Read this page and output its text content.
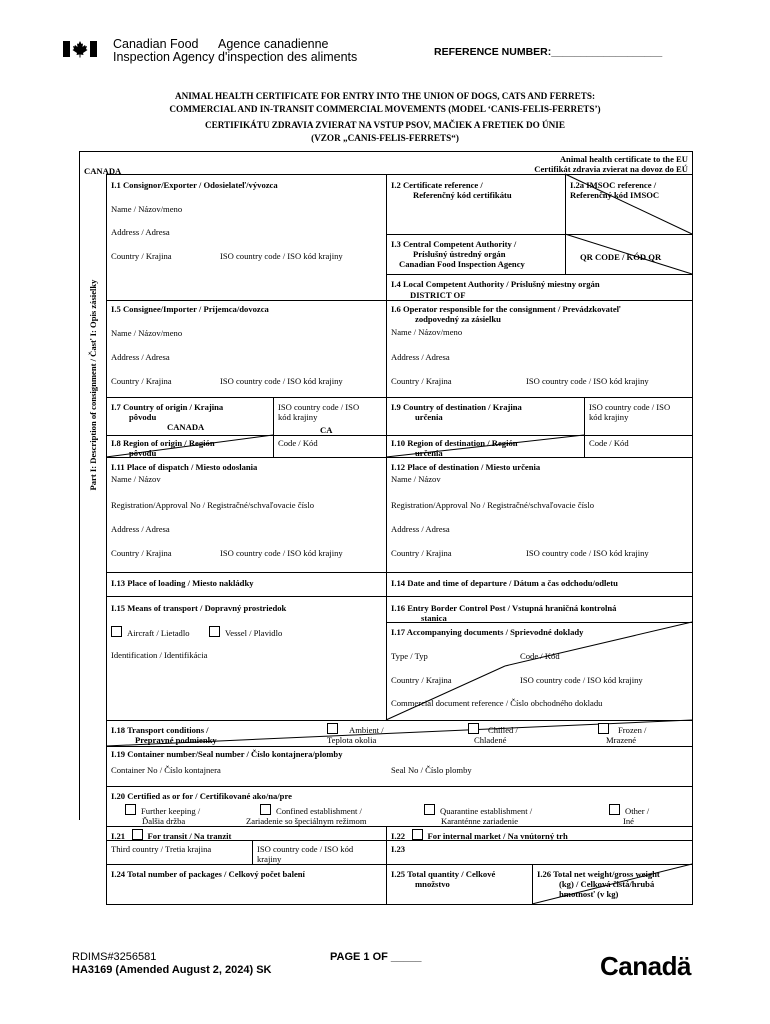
Canadian Food
Inspection Agency
Agence canadienne
d'inspection des aliments	REFERENCE NUMBER:___________________
ANIMAL HEALTH CERTIFICATE FOR ENTRY INTO THE UNION OF DOGS, CATS AND FERRETS:
COMMERCIAL AND IN-TRANSIT COMMERCIAL MOVEMENTS (MODEL ‘CANIS-FELIS-FERRETS’)
CERTIFIKÁTU ZDRAVIA ZVIERAT NA VSTUP PSOV, MAČIEK A FRETIEK DO ÚNIE
(VZOR „CANIS-FELIS-FERRETS“)
Part I: Description of consignment / Časť I: Opis zásielky
CANADA
Animal health certificate to the EU
Certifikát zdravia zvierat na dovoz do EÚ
I.1 Consignor/Exporter / Odosielateľ/vývozca
Name / Názov/meno
Address / Adresa
Country / Krajina	ISO country code / ISO kód krajiny
I.2 Certificate reference /
Referenčný kód certifikátu
I.2a IMSOC reference /
Referenčný kód IMSOC
I.3 Central Competent Authority /
Príslušný ústredný orgán
Canadian Food Inspection Agency
QR CODE / KÓD QR
I.4 Local Competent Authority / Príslušný miestny orgán
DISTRICT OF
I.5 Consignee/Importer / Príjemca/dovozca
Name / Názov/meno
Address / Adresa
Country / Krajina	ISO country code / ISO kód krajiny
I.6 Operator responsible for the consignment / Prevádzkovateľ
zodpovedný za zásielku
Name / Názov/meno
Address / Adresa
Country / Krajina	ISO country code / ISO kód krajiny
I.7 Country of origin / Krajina
pôvodu
CANADA
ISO country code / ISO
kód krajiny
CA
I.8 Region of origin / Región
pôvodu
Code / Kód
I.9 Country of destination / Krajina
určenia
ISO country code / ISO
kód krajiny
I.10 Region of destination / Región
určenia
Code / Kód
I.11 Place of dispatch / Miesto odoslania
Name / Názov
Registration/Approval No / Registračné/schvaľovacie číslo
Address / Adresa
Country / Krajina	ISO country code / ISO kód krajiny
I.12 Place of destination / Miesto určenia
Name / Názov
Registration/Approval No / Registračné/schvaľovacie číslo
Address / Adresa
Country / Krajina	ISO country code / ISO kód krajiny
I.13 Place of loading / Miesto nakládky	I.14 Date and time of departure / Dátum a čas odchodu/odletu
I.15 Means of transport / Dopravný prostriedok
Aircraft / Lietadlo	Vessel / Plavidlo
Identification / Identifikácia
I.16 Entry Border Control Post / Vstupná hraničná kontrolná
stanica
I.17 Accompanying documents / Sprievodné doklady
Type / Typ	Code / Kód
Country / Krajina	ISO country code / ISO kód krajiny
Commercial document reference / Číslo obchodného dokladu
I.18 Transport conditions /
Prepravné podmienky
Ambient /
Teplota okolia
Chilled /
Chladené
Frozen /
Mrazené
I.19 Container number/Seal number / Číslo kontajnera/plomby
Container No / Číslo kontajnera	Seal No / Číslo plomby
I.20 Certified as or for / Certifikované ako/na/pre
Further keeping /
Ďalšia držba
Confined establishment /
Zariadenie so špeciálnym režimom
Quarantine establishment /
Karanténne zariadenie
Other /
Iné
I.21	For transit / Na tranzit
Third country / Tretia krajina	ISO country code / ISO kód
krajiny
I.22	For internal market / Na vnútorný trh
I.23
I.24 Total number of packages / Celkový počet balení	I.25 Total quantity / Celkové
množstvo
I.26 Total net weight/gross weight
(kg) / Celková čistá/hrubá
hmotnosť (v kg)
RDIMS#3256581
HA3169 (Amended August 2, 2024) SK
PAGE 1 OF _____	Canadä
